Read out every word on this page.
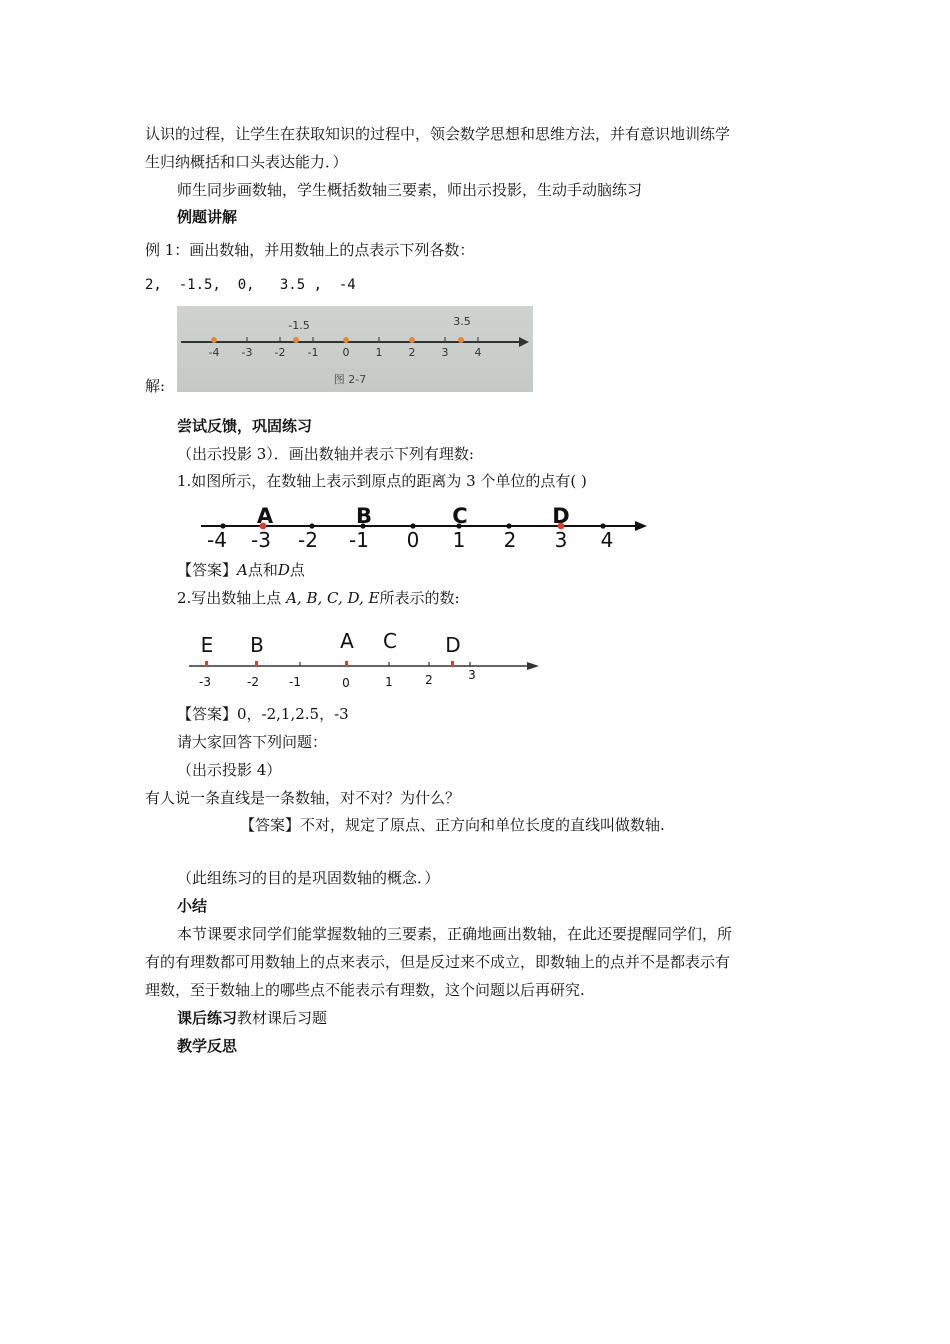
认识的过程，让学生在获取知识的过程中，领会数学思想和思维方法，并有意识地训练学
生归纳概括和口头表达能力．）
师生同步画数轴，学生概括数轴三要素，师出示投影，生动手动脑练习
例题讲解
例 1：画出数轴，并用数轴上的点表示下列各数：
2,  -1.5,  0,   3.5 ,  -4
解:
-1.5	3.5
-4 -3 -2 -1 0 1 2 3 4
图 2-7
尝试反馈，巩固练习
（出示投影 3）．画出数轴并表示下列有理数:
1.如图所示，在数轴上表示到原点的距离为 3 个单位的点有( )
A	B	C	D
-4 -3 -2 -1 0 1 2 3 4
【答案】A点和D点
2.写出数轴上点 A, B, C, D, E所表示的数:
E B	A C D
-3	-2	-1	0	1	2	3
【答案】0，-2,1,2.5，-3
请大家回答下列问题：
（出示投影 4）
有人说一条直线是一条数轴，对不对？为什么？
【答案】不对，规定了原点、正方向和单位长度的直线叫做数轴.
（此组练习的目的是巩固数轴的概念．）
小结
本节课要求同学们能掌握数轴的三要素，正确地画出数轴，在此还要提醒同学们，所
有的有理数都可用数轴上的点来表示，但是反过来不成立，即数轴上的点并不是都表示有
理数，至于数轴上的哪些点不能表示有理数，这个问题以后再研究.
课后练习教材课后习题
教学反思
